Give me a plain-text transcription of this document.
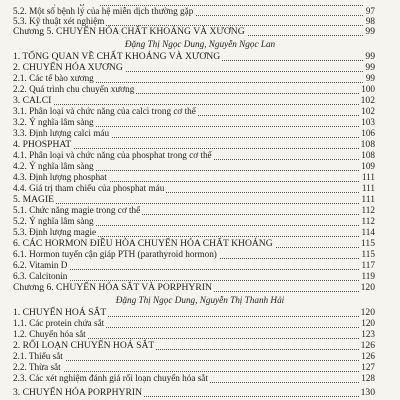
5.2. Một số bệnh lý của hệ miễn dịch thường gặp	97
5.3. Kỹ thuật xét nghiệm	98
Chương 5. CHUYỂN HÓA CHẤT KHOÁNG VÀ XƯƠNG	99
Đặng Thị Ngọc Dung, Nguyễn Ngọc Lan
1. TỔNG QUAN VỀ CHẤT KHOÁNG VÀ XƯƠNG	99
2. CHUYỂN HÓA XƯƠNG	99
2.1. Các tế bào xương	99
2.2. Quá trình chu chuyển xương	100
3. CALCI	102
3.1. Phân loại và chức năng của calci trong cơ thể	102
3.2. Ý nghĩa lâm sàng	103
3.3. Định lượng calci máu	106
4. PHOSPHAT	108
4.1. Phân loại và chức năng của phosphat trong cơ thể	108
4.2. Ý nghĩa lâm sàng	109
4.3. Định lượng phosphat	111
4.4. Giá trị tham chiếu của phosphat máu	111
5. MAGIE	111
5.1. Chức năng magie trong cơ thể	112
5.2. Ý nghĩa lâm sàng	112
5.3. Định lượng magie	114
6. CÁC HORMON ĐIỀU HÒA CHUYỂN HÓA CHẤT KHOÁNG	115
6.1. Hormon tuyến cận giáp PTH (parathyroid hormon)	115
6.2. Vitamin D	117
6.3. Calcitonin	119
Chương 6. CHUYỂN HÓA SẮT VÀ PORPHYRIN	120
Đặng Thị Ngọc Dung, Nguyễn Thị Thanh Hải
1. CHUYỂN HOÁ SẮT	120
1.1. Các protein chứa sắt	120
1.2. Chuyển hóa sắt	123
2. RỐI LOẠN CHUYỂN HOÁ SẮT	126
2.1. Thiếu sắt	126
2.2. Thừa sắt	127
2.3. Các xét nghiệm đánh giá rối loạn chuyển hóa sắt	128
3. CHUYỂN HÓA PORPHYRIN	130
